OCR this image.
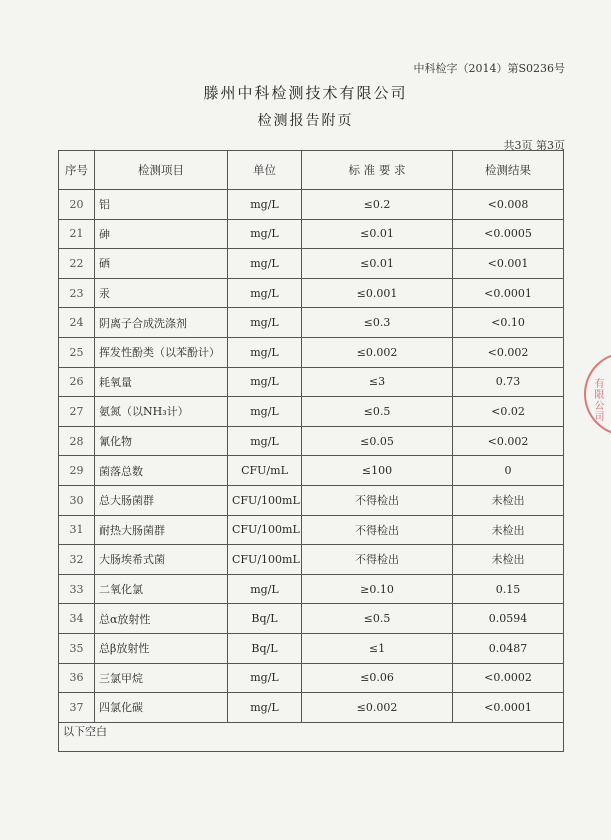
中科检字（2014）第S0236号
滕州中科检测技术有限公司
检测报告附页
共3页 第3页
序号	检测项目	单位	标 准 要 求	检测结果
20	铝	mg/L	≤0.2	<0.008
21	砷	mg/L	≤0.01	<0.0005
22	硒	mg/L	≤0.01	<0.001
23	汞	mg/L	≤0.001	<0.0001
24	阴离子合成洗涤剂	mg/L	≤0.3	<0.10
25	挥发性酚类（以苯酚计）	mg/L	≤0.002	<0.002
26	耗氧量	mg/L	≤3	0.73
27	氨氮（以NH₃计）	mg/L	≤0.5	<0.02
28	氰化物	mg/L	≤0.05	<0.002
29	菌落总数	CFU/mL	≤100	0
30	总大肠菌群	CFU/100mL	不得检出	未检出
31	耐热大肠菌群	CFU/100mL	不得检出	未检出
32	大肠埃希式菌	CFU/100mL	不得检出	未检出
33	二氧化氯	mg/L	≥0.10	0.15
34	总α放射性	Bq/L	≤0.5	0.0594
35	总β放射性	Bq/L	≤1	0.0487
36	三氯甲烷	mg/L	≤0.06	<0.0002
37	四氯化碳	mg/L	≤0.002	<0.0001
以下空白				
有限公司
